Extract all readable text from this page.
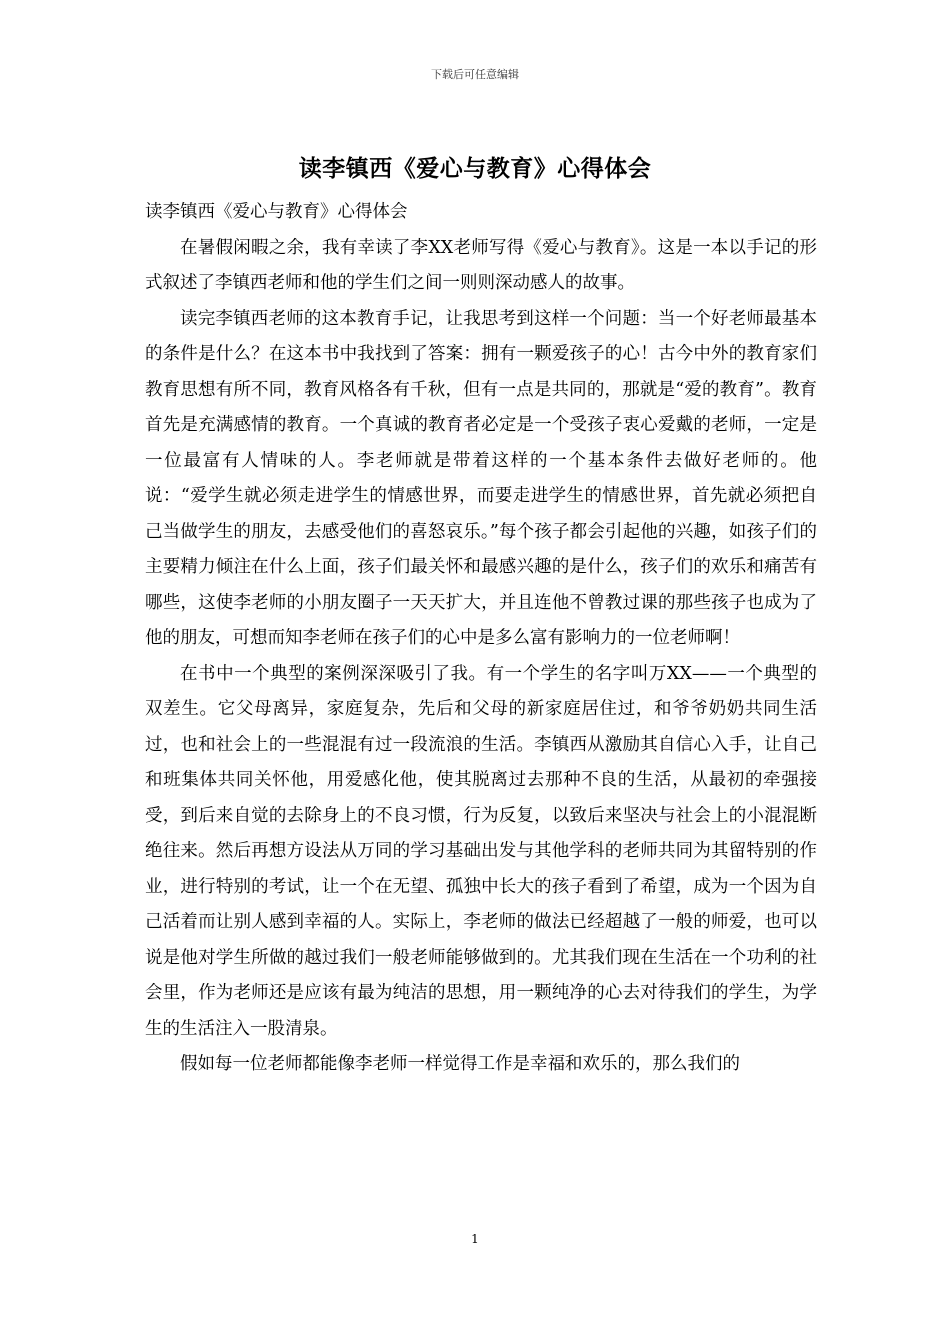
下载后可任意编辑
读李镇西《爱心与教育》心得体会

读李镇西《爱心与教育》心得体会

在暑假闲暇之余，我有幸读了李XX老师写得《爱心与教育》。这是一本以手记的形式叙述了李镇西老师和他的学生们之间一则则深动感人的故事。

读完李镇西老师的这本教育手记，让我思考到这样一个问题：当一个好老师最基本的条件是什么？在这本书中我找到了答案：拥有一颗爱孩子的心！古今中外的教育家们教育思想有所不同，教育风格各有千秋，但有一点是共同的，那就是“爱的教育”。教育首先是充满感情的教育。一个真诚的教育者必定是一个受孩子衷心爱戴的老师，一定是一位最富有人情味的人。李老师就是带着这样的一个基本条件去做好老师的。他说：“爱学生就必须走进学生的情感世界，而要走进学生的情感世界，首先就必须把自己当做学生的朋友，去感受他们的喜怒哀乐。”每个孩子都会引起他的兴趣，如孩子们的主要精力倾注在什么上面，孩子们最关怀和最感兴趣的是什么，孩子们的欢乐和痛苦有哪些，这使李老师的小朋友圈子一天天扩大，并且连他不曾教过课的那些孩子也成为了他的朋友，可想而知李老师在孩子们的心中是多么富有影响力的一位老师啊！

在书中一个典型的案例深深吸引了我。有一个学生的名字叫万XX——一个典型的双差生。它父母离异，家庭复杂，先后和父母的新家庭居住过，和爷爷奶奶共同生活过，也和社会上的一些混混有过一段流浪的生活。李镇西从激励其自信心入手，让自己和班集体共同关怀他，用爱感化他，使其脱离过去那种不良的生活，从最初的牵强接受，到后来自觉的去除身上的不良习惯，行为反复，以致后来坚决与社会上的小混混断绝往来。然后再想方设法从万同的学习基础出发与其他学科的老师共同为其留特别的作业，进行特别的考试，让一个在无望、孤独中长大的孩子看到了希望，成为一个因为自己活着而让别人感到幸福的人。实际上，李老师的做法已经超越了一般的师爱，也可以说是他对学生所做的越过我们一般老师能够做到的。尤其我们现在生活在一个功利的社会里，作为老师还是应该有最为纯洁的思想，用一颗纯净的心去对待我们的学生，为学生的生活注入一股清泉。

假如每一位老师都能像李老师一样觉得工作是幸福和欢乐的，那么我们的

1
